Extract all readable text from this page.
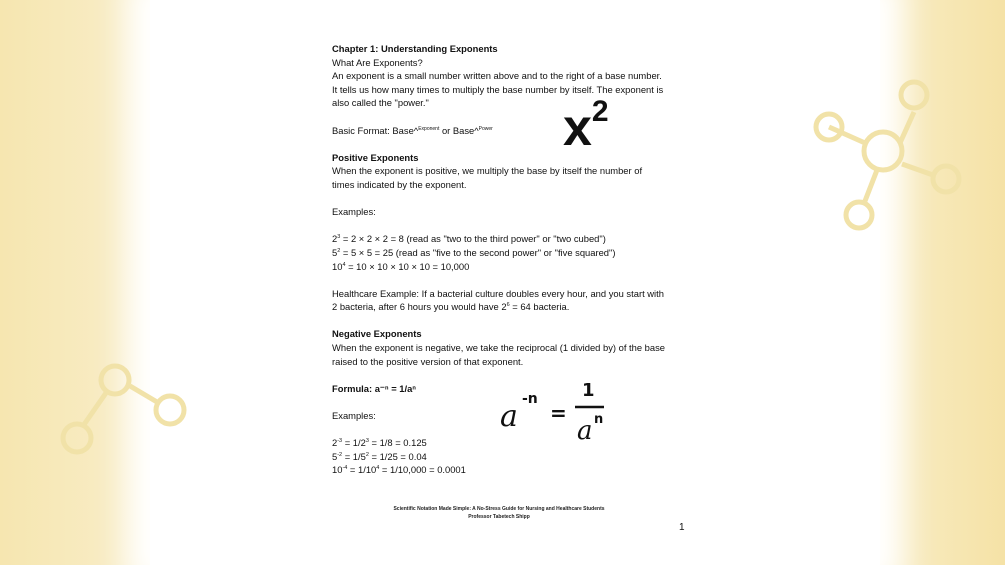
Chapter 1: Understanding Exponents

What Are Exponents?

An exponent is a small number written above and to the right of a base number.

It tells us how many times to multiply the base number by itself. The exponent is

also called the "power."

Basic Format: Base^$^{Exponent}$ or Base^$^{Power}$

Positive Exponents

When the exponent is positive, we multiply the base by itself the number of

times indicated by the exponent.

Examples:

$2^3 = 2 \times 2 \times 2 = 8$ (read as "two to the third power" or "two cubed")

$5^2 = 5 \times 5 = 25$ (read as "five to the second power" or "five squared")

$10^4 = 10 \times 10 \times 10 \times 10 = 10,000$

Healthcare Example: If a bacterial culture doubles every hour, and you start with

2 bacteria, after 6 hours you would have $2^6 = 64$ bacteria.

Negative Exponents

When the exponent is negative, we take the reciprocal (1 divided by) of the base

raised to the positive version of that exponent.

Formula: a⁻ⁿ = 1/aⁿ

Examples:

$2^{-3} = 1/2^3 = 1/8 = 0.125$

$5^{-2} = 1/5^2 = 1/25 = 0.04$

$10^{-4} = 1/10^4 = 1/10,000 = 0.0001$

x2
a -n
=
1
a n
Scientific Notation Made Simple: A No-Stress Guide for Nursing and Healthcare Students
Professor Tabetech Shipp
1
